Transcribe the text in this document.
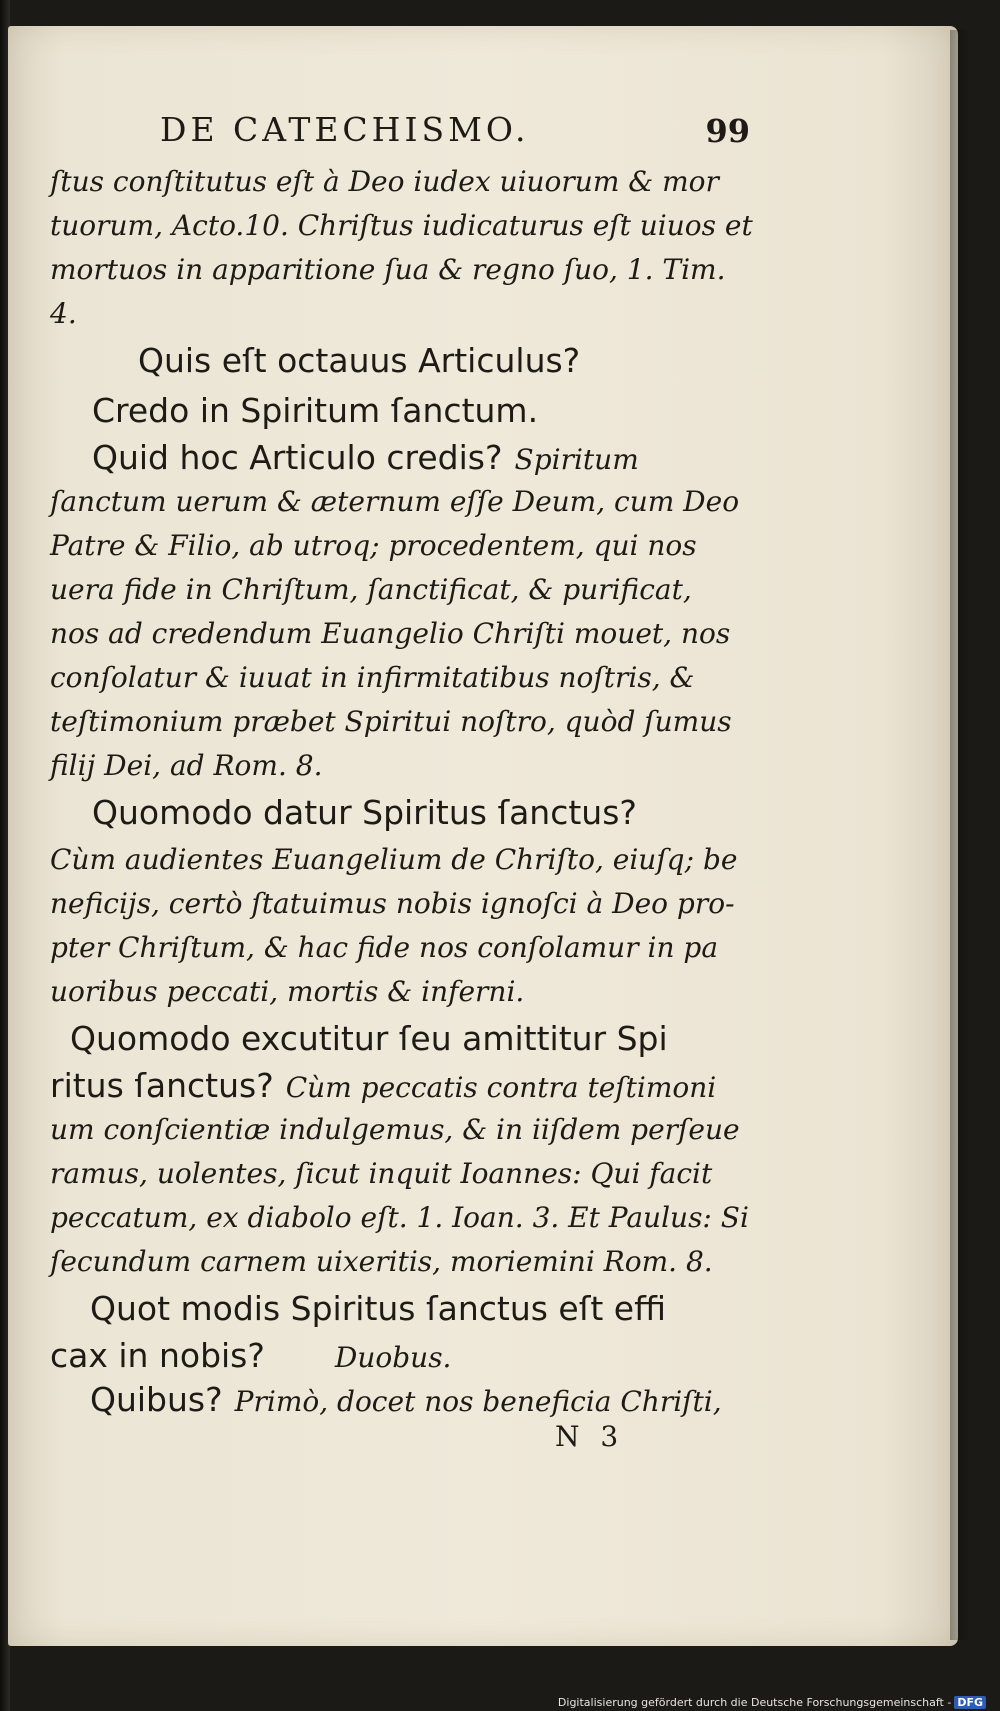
DE CATECHISMO.	99
ſtus conſtitutus eſt à Deo iudex uiuorum & mor
tuorum, Acto.10. Chriſtus iudicaturus eſt uiuos et
mortuos in apparitione ſua & regno ſuo, 1. Tim.
4.
Quis eſt octauus Articulus?
Credo in Spiritum ſanctum.
Quid hoc Articulo credis? Spiritum
ſanctum uerum & æternum eſſe Deum, cum Deo
Patre & Filio, ab utroq; procedentem, qui nos
uera fide in Chriſtum, ſanctificat, & purificat,
nos ad credendum Euangelio Chriſti mouet, nos
conſolatur & iuuat in infirmitatibus noſtris, &
teſtimonium præbet Spiritui noſtro, quòd ſumus
filij Dei, ad Rom. 8.
Quomodo datur Spiritus ſanctus?
Cùm audientes Euangelium de Chriſto, eiuſq; be
neficijs, certò ſtatuimus nobis ignoſci à Deo pro-
pter Chriſtum, & hac fide nos conſolamur in pa
uoribus peccati, mortis & inferni.
Quomodo excutitur ſeu amittitur Spi
ritus ſanctus? Cùm peccatis contra teſtimoni
um conſcientiæ indulgemus, & in iiſdem perſeue
ramus, uolentes, ſicut inquit Ioannes: Qui facit
peccatum, ex diabolo eſt. 1. Ioan. 3. Et Paulus: Si
ſecundum carnem uixeritis, moriemini Rom. 8.
Quot modis Spiritus ſanctus eſt effi
cax in nobis?	Duobus.
Quibus? Primò, docet nos beneficia Chriſti,
N 3
Digitalisierung gefördert durch die Deutsche Forschungsgemeinschaft - DFG
